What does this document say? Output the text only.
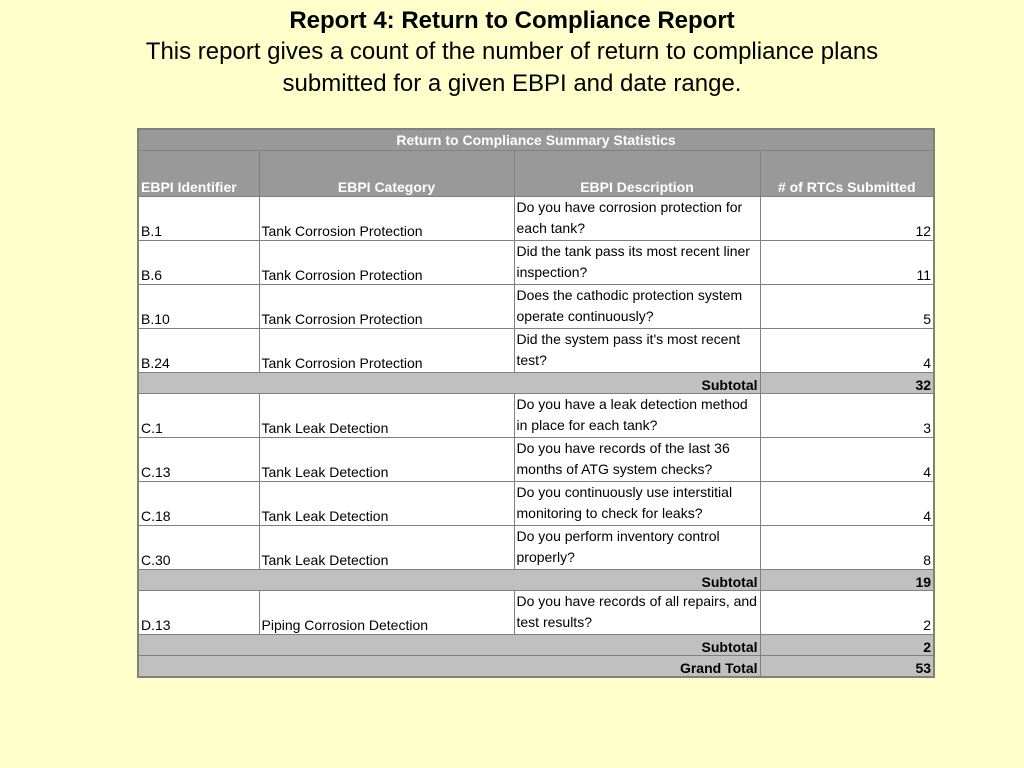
Report 4: Return to Compliance Report
This report gives a count of the number of return to compliance plans
submitted for a given EBPI and date range.
Return to Compliance Summary Statistics			
EBPI Identifier	EBPI Category	EBPI Description	# of RTCs Submitted
B.1	Tank Corrosion Protection	Do you have corrosion protection for each tank?	12
B.6	Tank Corrosion Protection	Did the tank pass its most recent liner inspection?	11
B.10	Tank Corrosion Protection	Does the cathodic protection system operate continuously?	5
B.24	Tank Corrosion Protection	Did the system pass it's most recent test?	4
Subtotal			32
C.1	Tank Leak Detection	Do you have a leak detection method in place for each tank?	3
C.13	Tank Leak Detection	Do you have records of the last 36 months of ATG system checks?	4
C.18	Tank Leak Detection	Do you continuously use interstitial monitoring to check for leaks?	4
C.30	Tank Leak Detection	Do you perform inventory control properly?	8
Subtotal			19
D.13	Piping Corrosion Detection	Do you have records of all repairs, and test results?	2
Subtotal			2
Grand Total			53
